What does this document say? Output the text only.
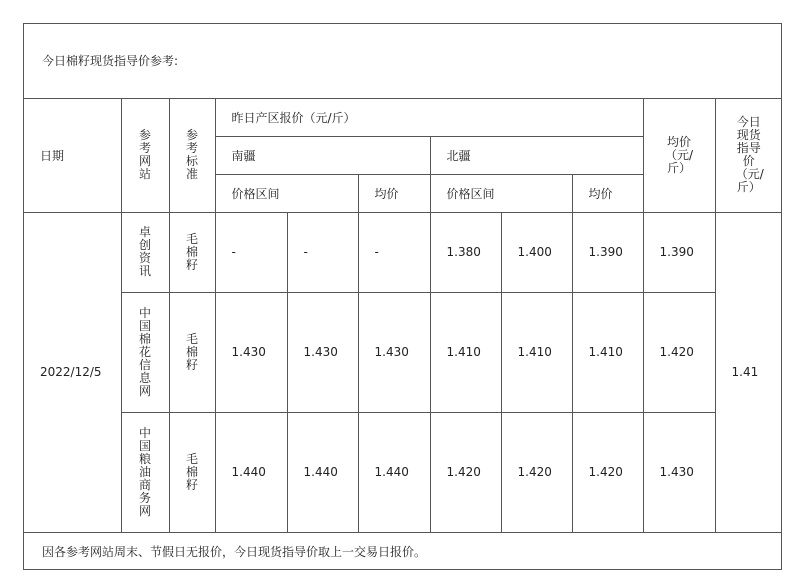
今日棉籽现货指导价参考:
日期	参考网站	参考标准	昨日产区报价（元/斤）						均价（元/斤）	今日现货指导价（元/斤）
			南疆			北疆				
			价格区间		均价	价格区间		均价		
2022/12/5	卓创资讯	毛棉籽	-	-	-	1.380	1.400	1.390	1.390	1.41
	中国棉花信息网	毛棉籽	1.430	1.430	1.430	1.410	1.410	1.410	1.420	
	中国粮油商务网	毛棉籽	1.440	1.440	1.440	1.420	1.420	1.420	1.430	
因各参考网站周末、节假日无报价，今日现货指导价取上一交易日报价。
